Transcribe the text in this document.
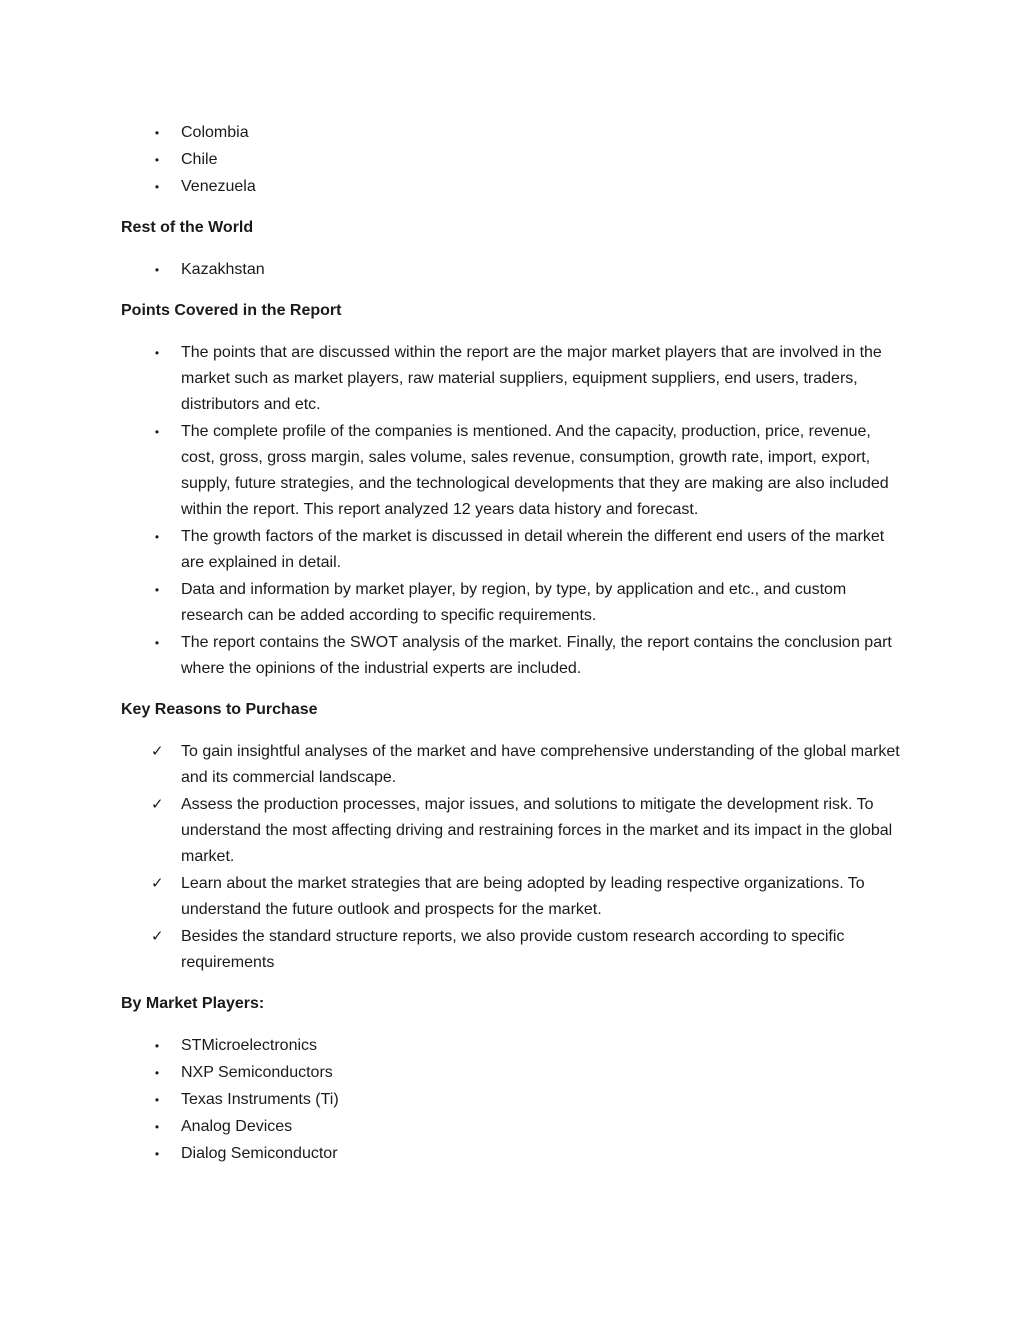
• Colombia
• Chile
• Venezuela
Rest of the World
• Kazakhstan
Points Covered in the Report
• The points that are discussed within the report are the major market players that are involved in the market such as market players, raw material suppliers, equipment suppliers, end users, traders, distributors and etc.
• The complete profile of the companies is mentioned. And the capacity, production, price, revenue, cost, gross, gross margin, sales volume, sales revenue, consumption, growth rate, import, export, supply, future strategies, and the technological developments that they are making are also included within the report. This report analyzed 12 years data history and forecast.
• The growth factors of the market is discussed in detail wherein the different end users of the market are explained in detail.
• Data and information by market player, by region, by type, by application and etc., and custom research can be added according to specific requirements.
• The report contains the SWOT analysis of the market. Finally, the report contains the conclusion part where the opinions of the industrial experts are included.
Key Reasons to Purchase
✓ To gain insightful analyses of the market and have comprehensive understanding of the global market and its commercial landscape.
✓ Assess the production processes, major issues, and solutions to mitigate the development risk. To understand the most affecting driving and restraining forces in the market and its impact in the global market.
✓ Learn about the market strategies that are being adopted by leading respective organizations. To understand the future outlook and prospects for the market.
✓ Besides the standard structure reports, we also provide custom research according to specific requirements
By Market Players:
• STMicroelectronics
• NXP Semiconductors
• Texas Instruments (Ti)
• Analog Devices
• Dialog Semiconductor
